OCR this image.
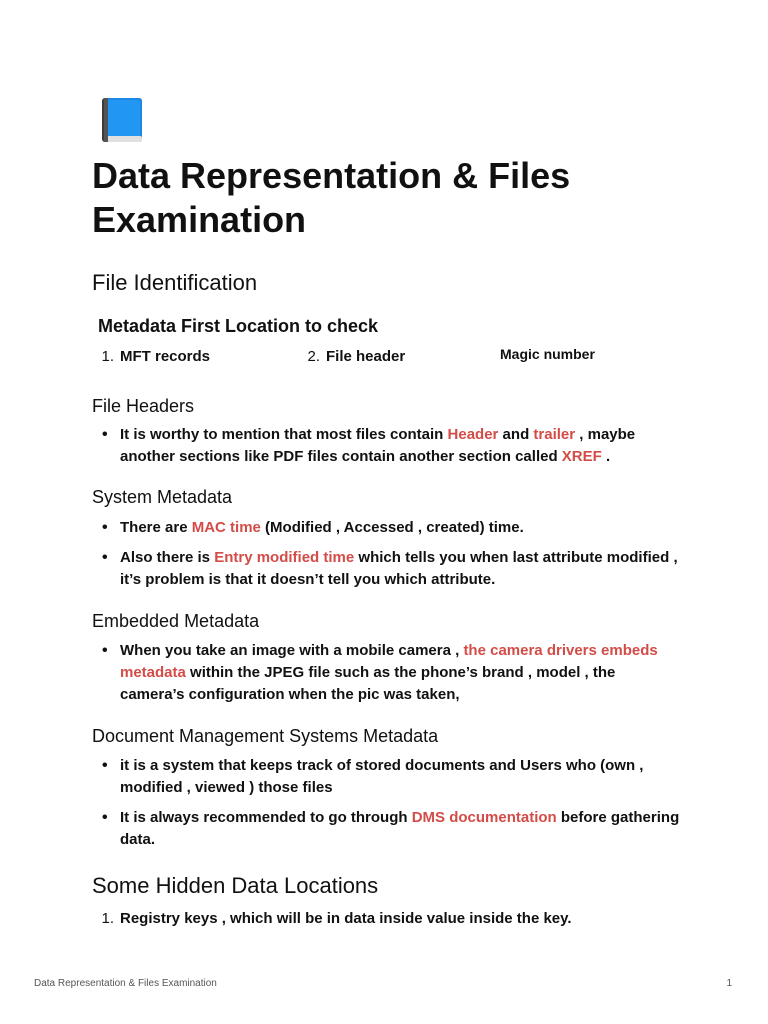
Data Representation & Files Examination
File Identification
Metadata First Location to check
1. MFT records	2. File header	Magic number
File Headers
• It is worthy to mention that most files contain Header and trailer , maybe another sections like PDF files contain another section called XREF .
System Metadata
• There are MAC time (Modified , Accessed , created) time.
• Also there is Entry modified time which tells you when last attribute modified , it’s problem is that it doesn’t tell you which attribute.
Embedded Metadata
• When you take an image with a mobile camera , the camera drivers embeds metadata within the JPEG file such as the phone’s brand , model , the camera’s configuration when the pic was taken,
Document Management Systems Metadata
• it is a system that keeps track of stored documents and Users who (own , modified , viewed ) those files
• It is always recommended to go through DMS documentation before gathering data.
Some Hidden Data Locations
1. Registry keys , which will be in data inside value inside the key.
Data Representation & Files Examination	1
